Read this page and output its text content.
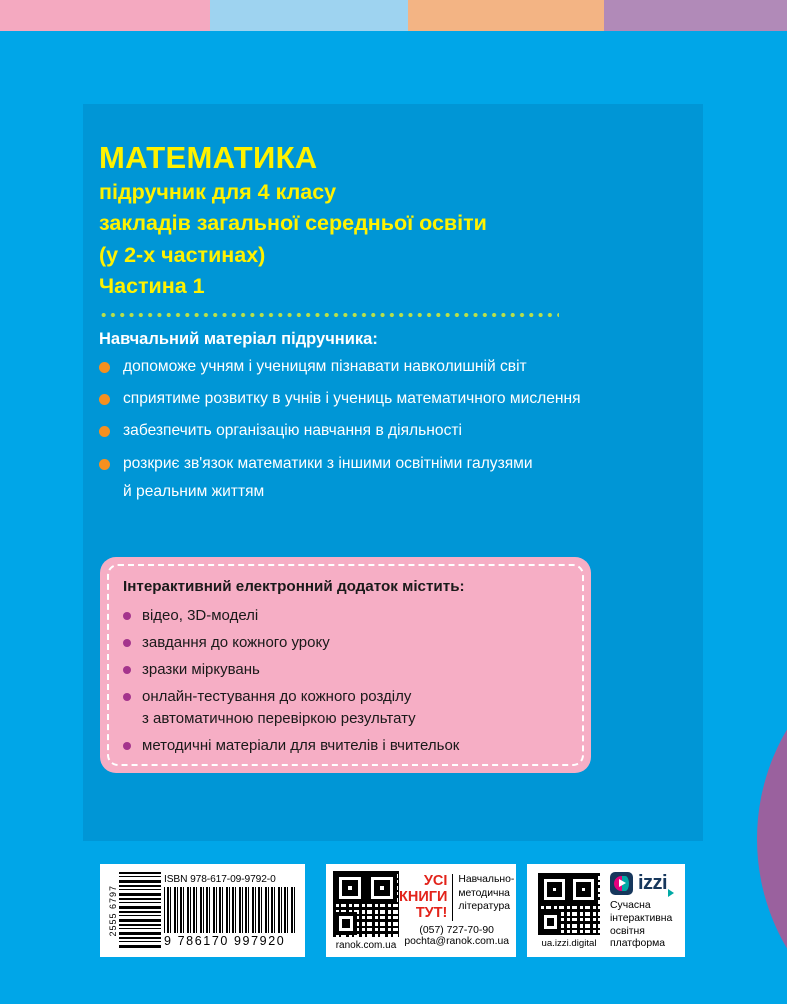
МАТЕМАТИКА
підручник для 4 класу
закладів загальної середньої освіти
(у 2-х частинах)
Частина 1
Навчальний матеріал підручника:
допоможе учням і ученицям пізнавати навколишній світ
сприятиме розвитку в учнів і учениць математичного мислення
забезпечить організацію навчання в діяльності
розкриє зв'язок математики з іншими освітніми галузями
й реальним життям
Інтерактивний електронний додаток містить:
відео, 3D-моделі
завдання до кожного уроку
зразки міркувань
онлайн-тестування до кожного розділу
з автоматичною перевіркою результату
методичні матеріали для вчителів і вчительок
2555 6797
ISBN 978-617-09-9792-0
9 786170 997920	ranok.com.ua
УСІ
КНИГИ
ТУТ!
Навчально-
методична
література
(057) 727-70-90
pochta@ranok.com.ua	ua.izzi.digital
izzi
Сучасна
інтерактивна
освітня
платформа
